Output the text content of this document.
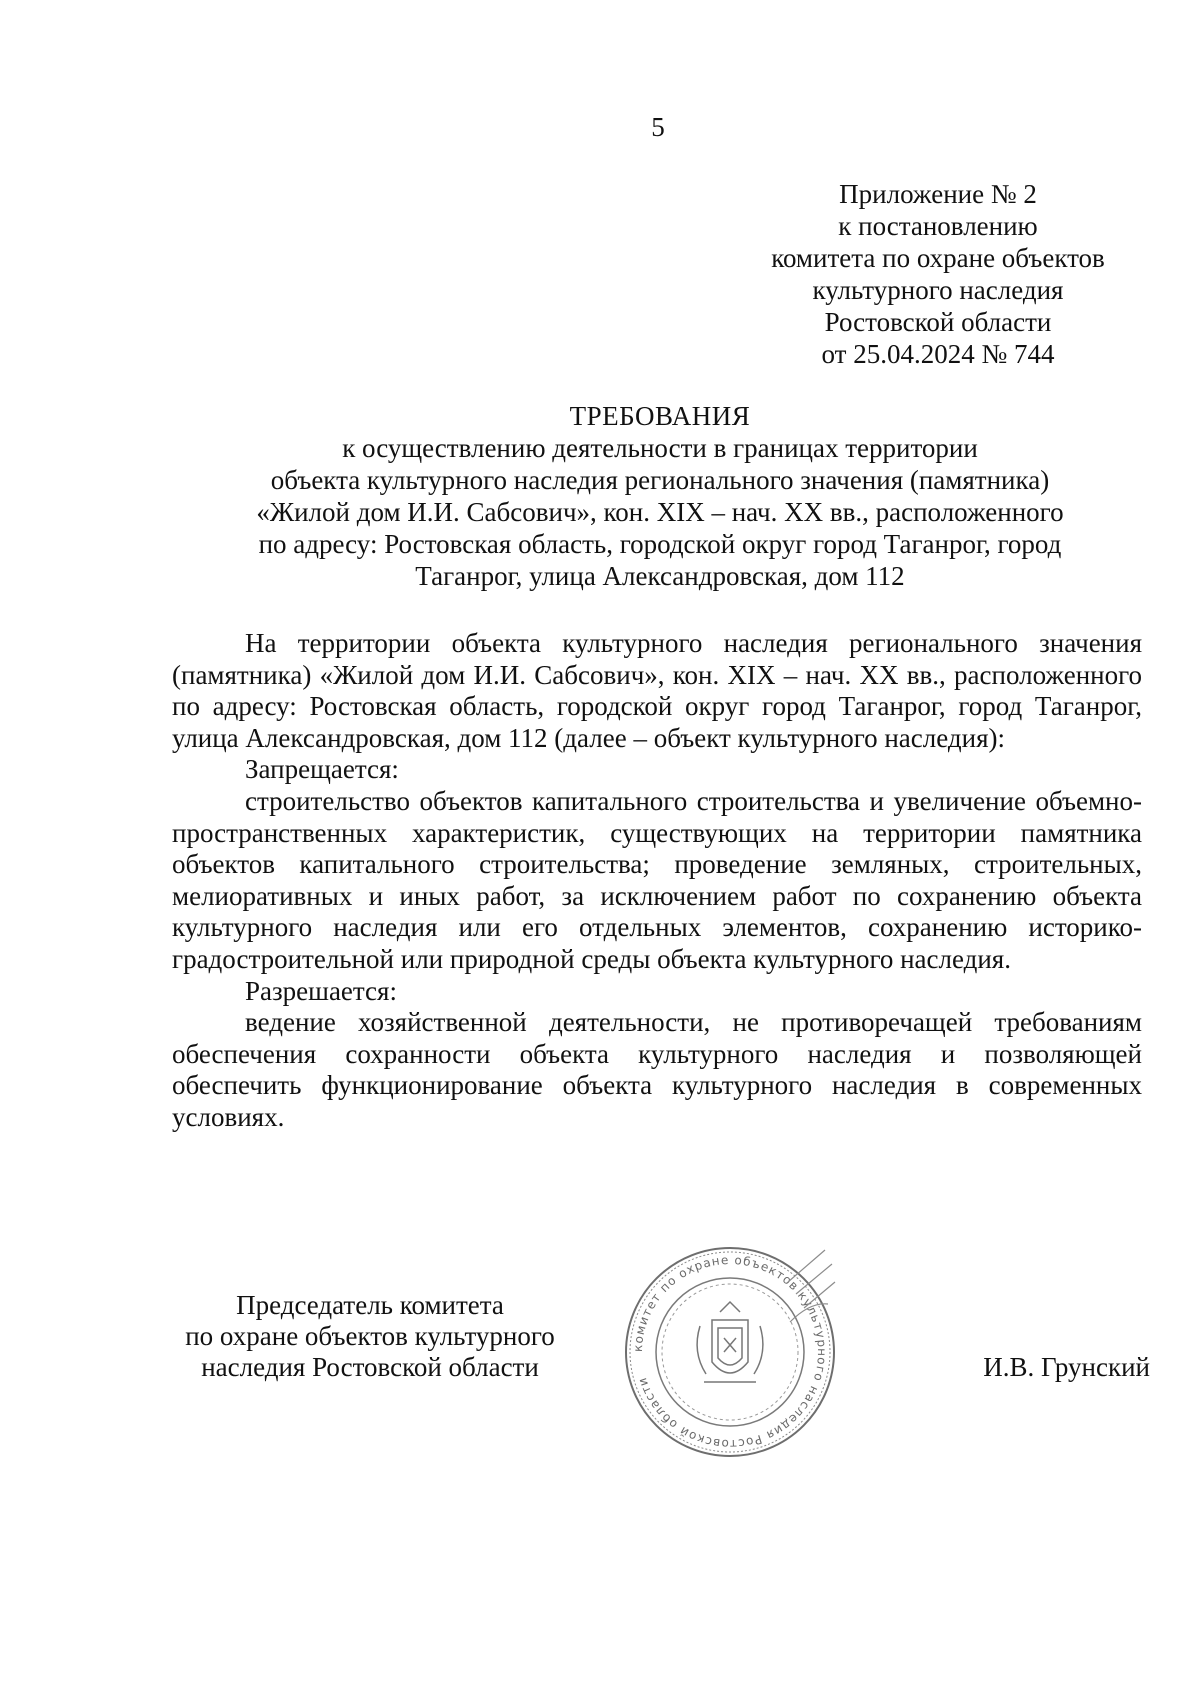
5
Приложение № 2
к постановлению
комитета по охране объектов
культурного наследия
Ростовской области
от 25.04.2024 № 744
ТРЕБОВАНИЯ
к осуществлению деятельности в границах территории
объекта культурного наследия регионального значения (памятника)
«Жилой дом И.И. Сабсович», кон. XIX – нач. XX вв., расположенного
по адресу: Ростовская область, городской округ город Таганрог, город
Таганрог, улица Александровская, дом 112

На территории объекта культурного наследия регионального значения (памятника) «Жилой дом И.И. Сабсович», кон. XIX – нач. XX вв., расположенного по адресу: Ростовская область, городской округ город Таганрог, город Таганрог, улица Александровская, дом 112 (далее – объект культурного наследия):

Запрещается:

строительство объектов капитального строительства и увеличение объемно-пространственных характеристик, существующих на территории памятника объектов капитального строительства; проведение земляных, строительных, мелиоративных и иных работ, за исключением работ по сохранению объекта культурного наследия или его отдельных элементов, сохранению историко-градостроительной или природной среды объекта культурного наследия.

Разрешается:

ведение хозяйственной деятельности, не противоречащей требованиям обеспечения сохранности объекта культурного наследия и позволяющей обеспечить функционирование объекта культурного наследия в современных условиях.

Председатель комитета
по охране объектов культурного
наследия Ростовской области
комитет по охране объектов культурного наследия Ростовской области	И.В. Грунский
